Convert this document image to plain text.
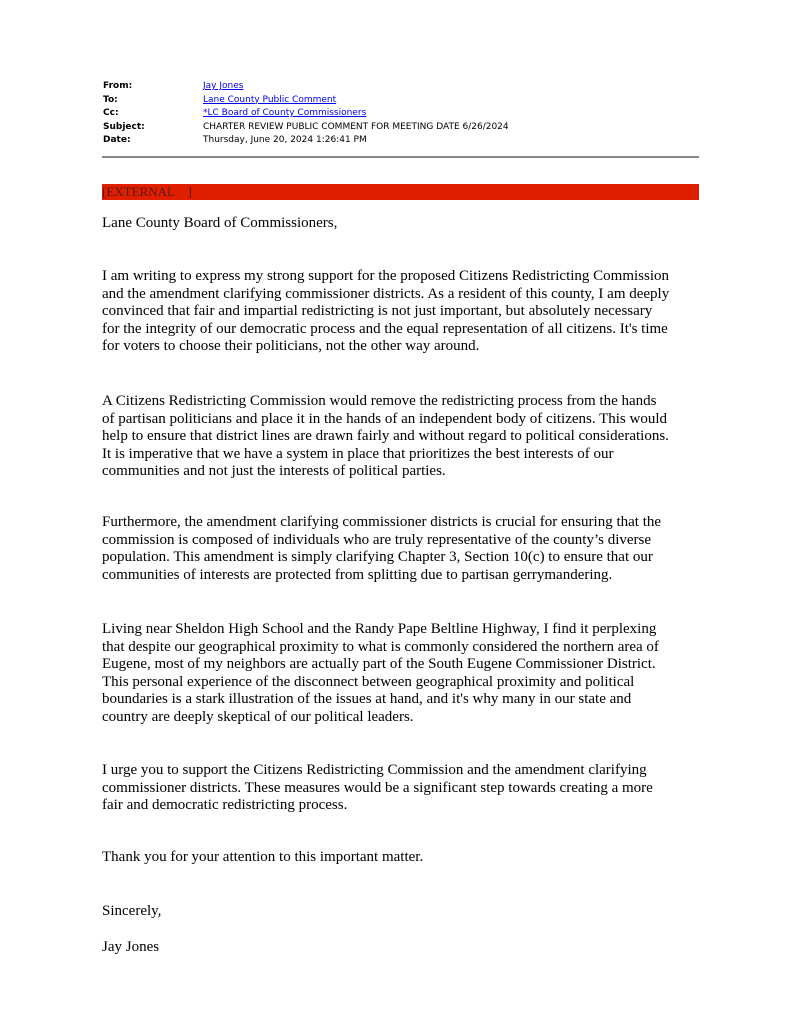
From:	Jay Jones
To:	Lane County Public Comment
Cc:	*LC Board of County Commissioners
Subject:	CHARTER REVIEW PUBLIC COMMENT FOR MEETING DATE 6/26/2024
Date:	Thursday, June 20, 2024 1:26:41 PM
[EXTERNAL    ]
Lane County Board of Commissioners,
I am writing to express my strong support for the proposed Citizens Redistricting Commission
and the amendment clarifying commissioner districts. As a resident of this county, I am deeply
convinced that fair and impartial redistricting is not just important, but absolutely necessary
for the integrity of our democratic process and the equal representation of all citizens. It's time
for voters to choose their politicians, not the other way around.
A Citizens Redistricting Commission would remove the redistricting process from the hands
of partisan politicians and place it in the hands of an independent body of citizens. This would
help to ensure that district lines are drawn fairly and without regard to political considerations.
It is imperative that we have a system in place that prioritizes the best interests of our
communities and not just the interests of political parties.
Furthermore, the amendment clarifying commissioner districts is crucial for ensuring that the
commission is composed of individuals who are truly representative of the county’s diverse
population. This amendment is simply clarifying Chapter 3, Section 10(c) to ensure that our
communities of interests are protected from splitting due to partisan gerrymandering.
Living near Sheldon High School and the Randy Pape Beltline Highway, I find it perplexing
that despite our geographical proximity to what is commonly considered the northern area of
Eugene, most of my neighbors are actually part of the South Eugene Commissioner District.
This personal experience of the disconnect between geographical proximity and political
boundaries is a stark illustration of the issues at hand, and it's why many in our state and
country are deeply skeptical of our political leaders.
I urge you to support the Citizens Redistricting Commission and the amendment clarifying
commissioner districts. These measures would be a significant step towards creating a more
fair and democratic redistricting process.
Thank you for your attention to this important matter.
Sincerely,
Jay Jones
